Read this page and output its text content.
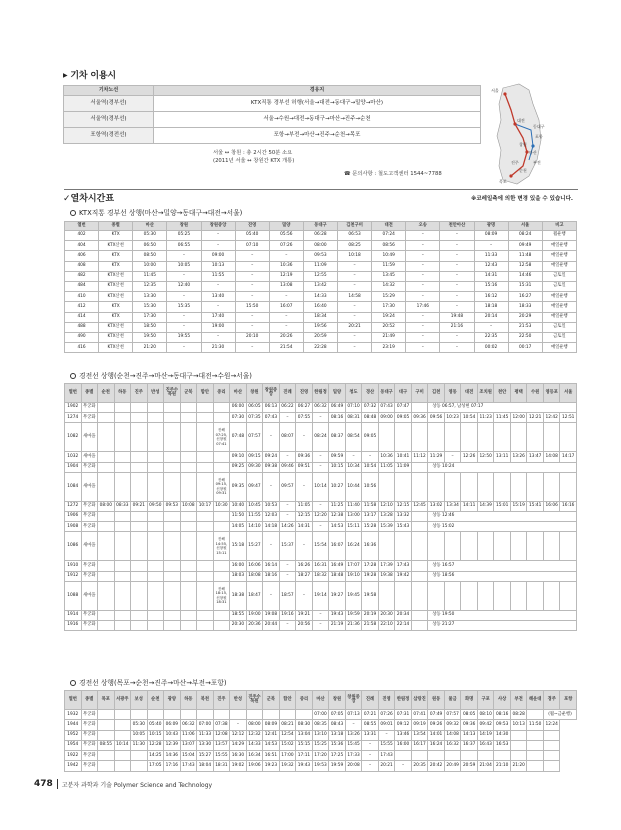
▶ 기차 이용시
기차노선	경유지
서울역(경부선)	KTX직통 경부선 허행(서울→대전→동대구→밀양→마산)
서울역(경부선)	서울→수원→대전→동대구→마산→진주→순천
포항역(경전선)	포항→부전→마산→진주→순천→목포
서울 ↔ 창원 : 총 2시간 50분 소요
(2011년 서울 ↔ 창원간 KTX 개통)
☎ 문의사항 : 철도고객센터 1544~7788
서울
대전
동대구
마산
진주
순천
목포
포항
부전
창원
✓열차시간표	※코레일측에 의한 변경 있을 수 있습니다.
KTX직통 경부선 상행(마산→밀양→동대구→대전→서울)
열번	종별	마산	창원	창원중앙	진영	밀양	동대구	김천구미	대전	오송	천안아산	광명	서울	비고
402	KTX	05:30	05:25	–	05:40	05:56	06:28	06:53	07:24	–	–	08:09	08:24	월운행
404	KTX산천	06:50	06:55	–	07:10	07:26	08:00	08:25	08:56	–	–	–	09:49	매일운행
406	KTX	08:50	–	09:00	–	–	09:53	10:18	10:49	–	–	11:33	11:48	매일운행
408	KTX	10:00	10:05	10:13	–	10:36	11:09	–	11:59	–	–	12:43	12:58	매일운행
482	KTX산천	11:45	–	11:55	–	12:19	12:55	–	13:45	–	–	14:31	14:46	금토일
484	KTX산천	12:35	12:40	–	–	13:08	13:42	–	14:32	–	–	15:16	15:31	금토일
410	KTX산천	13:30	–	13:40	–	–	14:33	14:58	15:29	–	–	16:12	16:27	매일운행
412	KTX	15:30	15:35	–	15:50	16:07	16:40	–	17:30	17:46	–	18:18	18:33	매일운행
414	KTX	17:30	–	17:40	–	–	18:34	–	19:24	–	19:48	20:14	20:29	매일운행
488	KTX산천	18:50	–	19:00	–	–	19:56	20:21	20:52	–	21:16	–	21:53	금토일
490	KTX산천	19:50	19:55	–	20:10	20:26	20:59	–	21:49	–	–	22:35	22:50	금토일
416	KTX산천	21:20	–	21:30	–	21:54	22:28	–	23:19	–	–	00:02	00:17	매일운행
경전선 상행(순천→진주→마산→동대구→대전→수원→서울)
열번	종별	순천	하동	진주	반성	진주수목원	군북	함안	중리	마산	창원	창원중앙	진례	진영	한림정	밀양	청도	경산	동대구	대구	구미	김천	영동	대전	조치원	천안	평택	수원	영등포	서울
1902	무궁화									06:00	06:05	06:13	06:22	06:27	06:32	06:49	07:10	07:32	07:43	07:47		상동 06:57, 남성현 07:17								
1274	무궁화									07:30	07:35	07:43	–	07:55	–	08:16	08:31	08:48	09:00	09:05	09:36	09:56	10:23	10:54	11:23	11:45	12:00	12:21	12:42	12:51
1082	새마을								진해 07:25, 신창원 07:41	07:48	07:57	–	08:07	–	08:24	08:37	08:54	09:05												
1032	새마을									09:10	09:15	09:24	–	09:36	–	09:59	–	–	10:36	10:41	11:12	11:29	–	12:26	12:50	13:11	13:26	13:47	14:08	14:17
1904	무궁화									09:25	09:30	09:38	09:46	09:51	–	10:15	10:34	10:54	11:05	11:09		상동 10:24								
1084	새마을								진해 09:15, 신창원 09:31	09:35	09:47	–	09:57	–	10:14	10:27	10:44	10:56												
1272	무궁화	08:00	08:33	09:21	09:50	09:53	10:08	10:17	10:30	10:40	10:45	10:53	–	11:05	–	11:25	11:40	11:58	12:10	12:15	12:45	13:02	13:34	14:11	14:39	15:01	15:19	15:41	16:06	16:16
1906	무궁화									11:50	11:55	12:03	–	12:15	12:20	12:38	13:00	13:17	13:28	13:32		상동 12:46								
1908	무궁화									14:05	14:10	14:18	14:26	14:31	–	14:53	15:11	15:28	15:39	15:43		상동 15:02								
1086	새마을								진해 14:55, 신창원 15:11	15:18	15:27	–	15:37	–	15:54	16:07	16:24	16:36												
1910	무궁화									16:00	16:06	16:14	–	16:26	16:31	16:49	17:07	17:28	17:39	17:43		상동 16:57								
1912	무궁화									18:03	18:08	18:16	–	18:27	18:32	18:48	19:10	19:28	19:38	19:42		상동 18:56								
1088	새마을								진해 18:15, 신창원 18:31	18:38	18:47	–	18:57	–	19:14	19:27	19:45	19:58												
1914	무궁화									18:55	19:00	19:08	19:16	19:21	–	19:43	19:59	20:19	20:30	20:34		상동 19:50								
1916	무궁화									20:30	20:36	20:44	–	20:56	–	21:19	21:36	21:58	22:10	22:14		상동 21:27								
경전선 상행(목포→순천→진주→마산→부전→포항)
열번	종별	목포	서광주	보성	순천	광양	하동	북천	진주	반성	진주수목원	군북	함안	중리	마산	창원	창원중앙	진례	진영	한림정	삼랑진	원동	물금	화명	구포	사상	부전	해운대	경주	포항
1932	무궁화														07:00	07:05	07:13	07:21	07:26	07:31	07:41	07:49	07:57	08:05	08:10	08:16	08:28		(월~금운행)	
1944	무궁화			05:30	05:40	06:09	06:32	07:00	07:38	–	08:00	08:09	08:21	08:30	08:35	08:43	–	08:55	09:01	09:12	09:19	09:26	09:32	09:36	09:42	09:53	10:13	11:50	12:24	
1952	무궁화			10:05	10:15	10:43	11:06	11:33	12:08	12:12	12:32	12:41	12:54	13:04	13:10	13:18	13:26	13:31	–	13:46	13:54	14:01	14:08	14:13	14:19	14:30				
1954	무궁화	08:55	10:14	11:30	12:28	12:39	13:07	13:30	13:57	14:29	14:33	14:53	15:02	15:15	15:25	15:36	15:45	–	15:55	16:00	16:17	16:24	16:32	16:37	16:43	16:53				
1922	무궁화				14:25	14:36	15:04	15:27	15:55	16:30	16:34	16:51	17:00	17:11	17:20	17:25	17:33	–	17:43											
1942	무궁화				17:05	17:16	17:43	18:04	18:31	19:02	19:06	19:23	19:32	19:43	19:53	19:59	20:08	–	20:21	–	20:35	20:42	20:49	20:59	21:04	21:10	21:20			
478 고분자 과학과 기술 Polymer Science and Technology
